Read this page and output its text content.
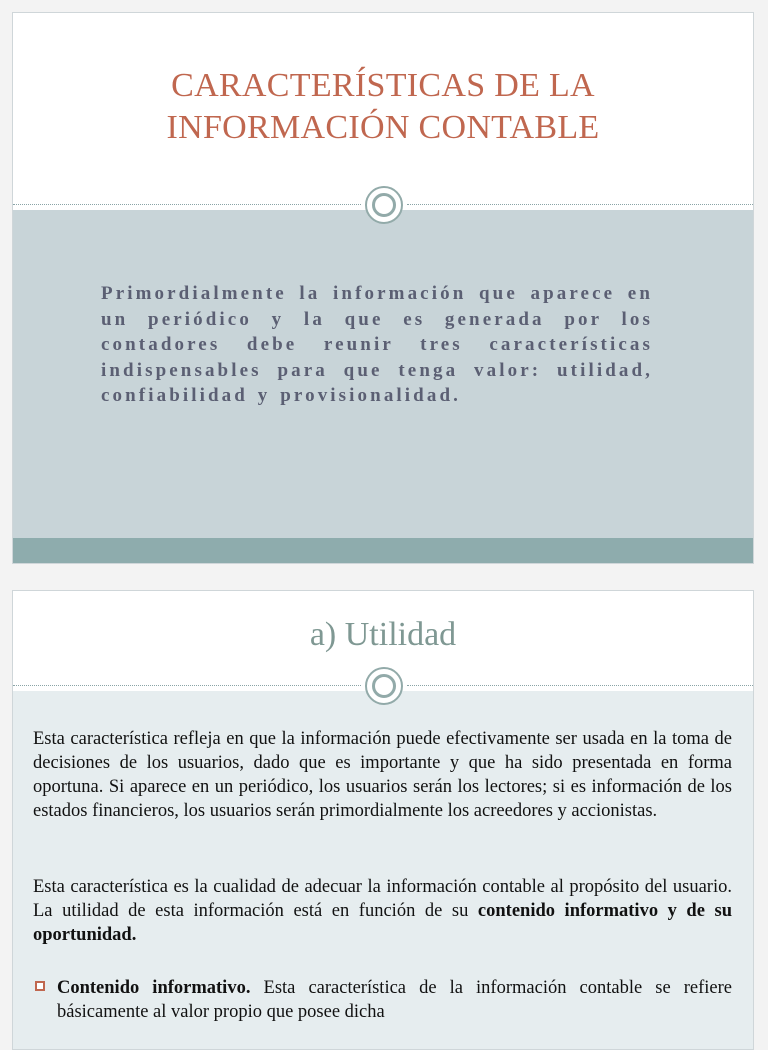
CARACTERÍSTICAS DE LA
INFORMACIÓN CONTABLE
Primordialmente la información que aparece en un periódico y la que es generada por los contadores debe reunir tres características indispensables para que tenga valor: utilidad, confiabilidad y provisionalidad.
a) Utilidad
Esta característica refleja en que la información puede efectivamente ser usada en la toma de decisiones de los usuarios, dado que es importante y que ha sido presentada en forma oportuna. Si aparece en un periódico, los usuarios serán los lectores; si es información de los estados financieros, los usuarios serán primordialmente los acreedores y accionistas.
Esta característica es la cualidad de adecuar la información contable al propósito del usuario. La utilidad de esta información está en función de su contenido informativo y de su oportunidad.
Contenido informativo. Esta característica de la información contable se refiere básicamente al valor propio que posee dicha
